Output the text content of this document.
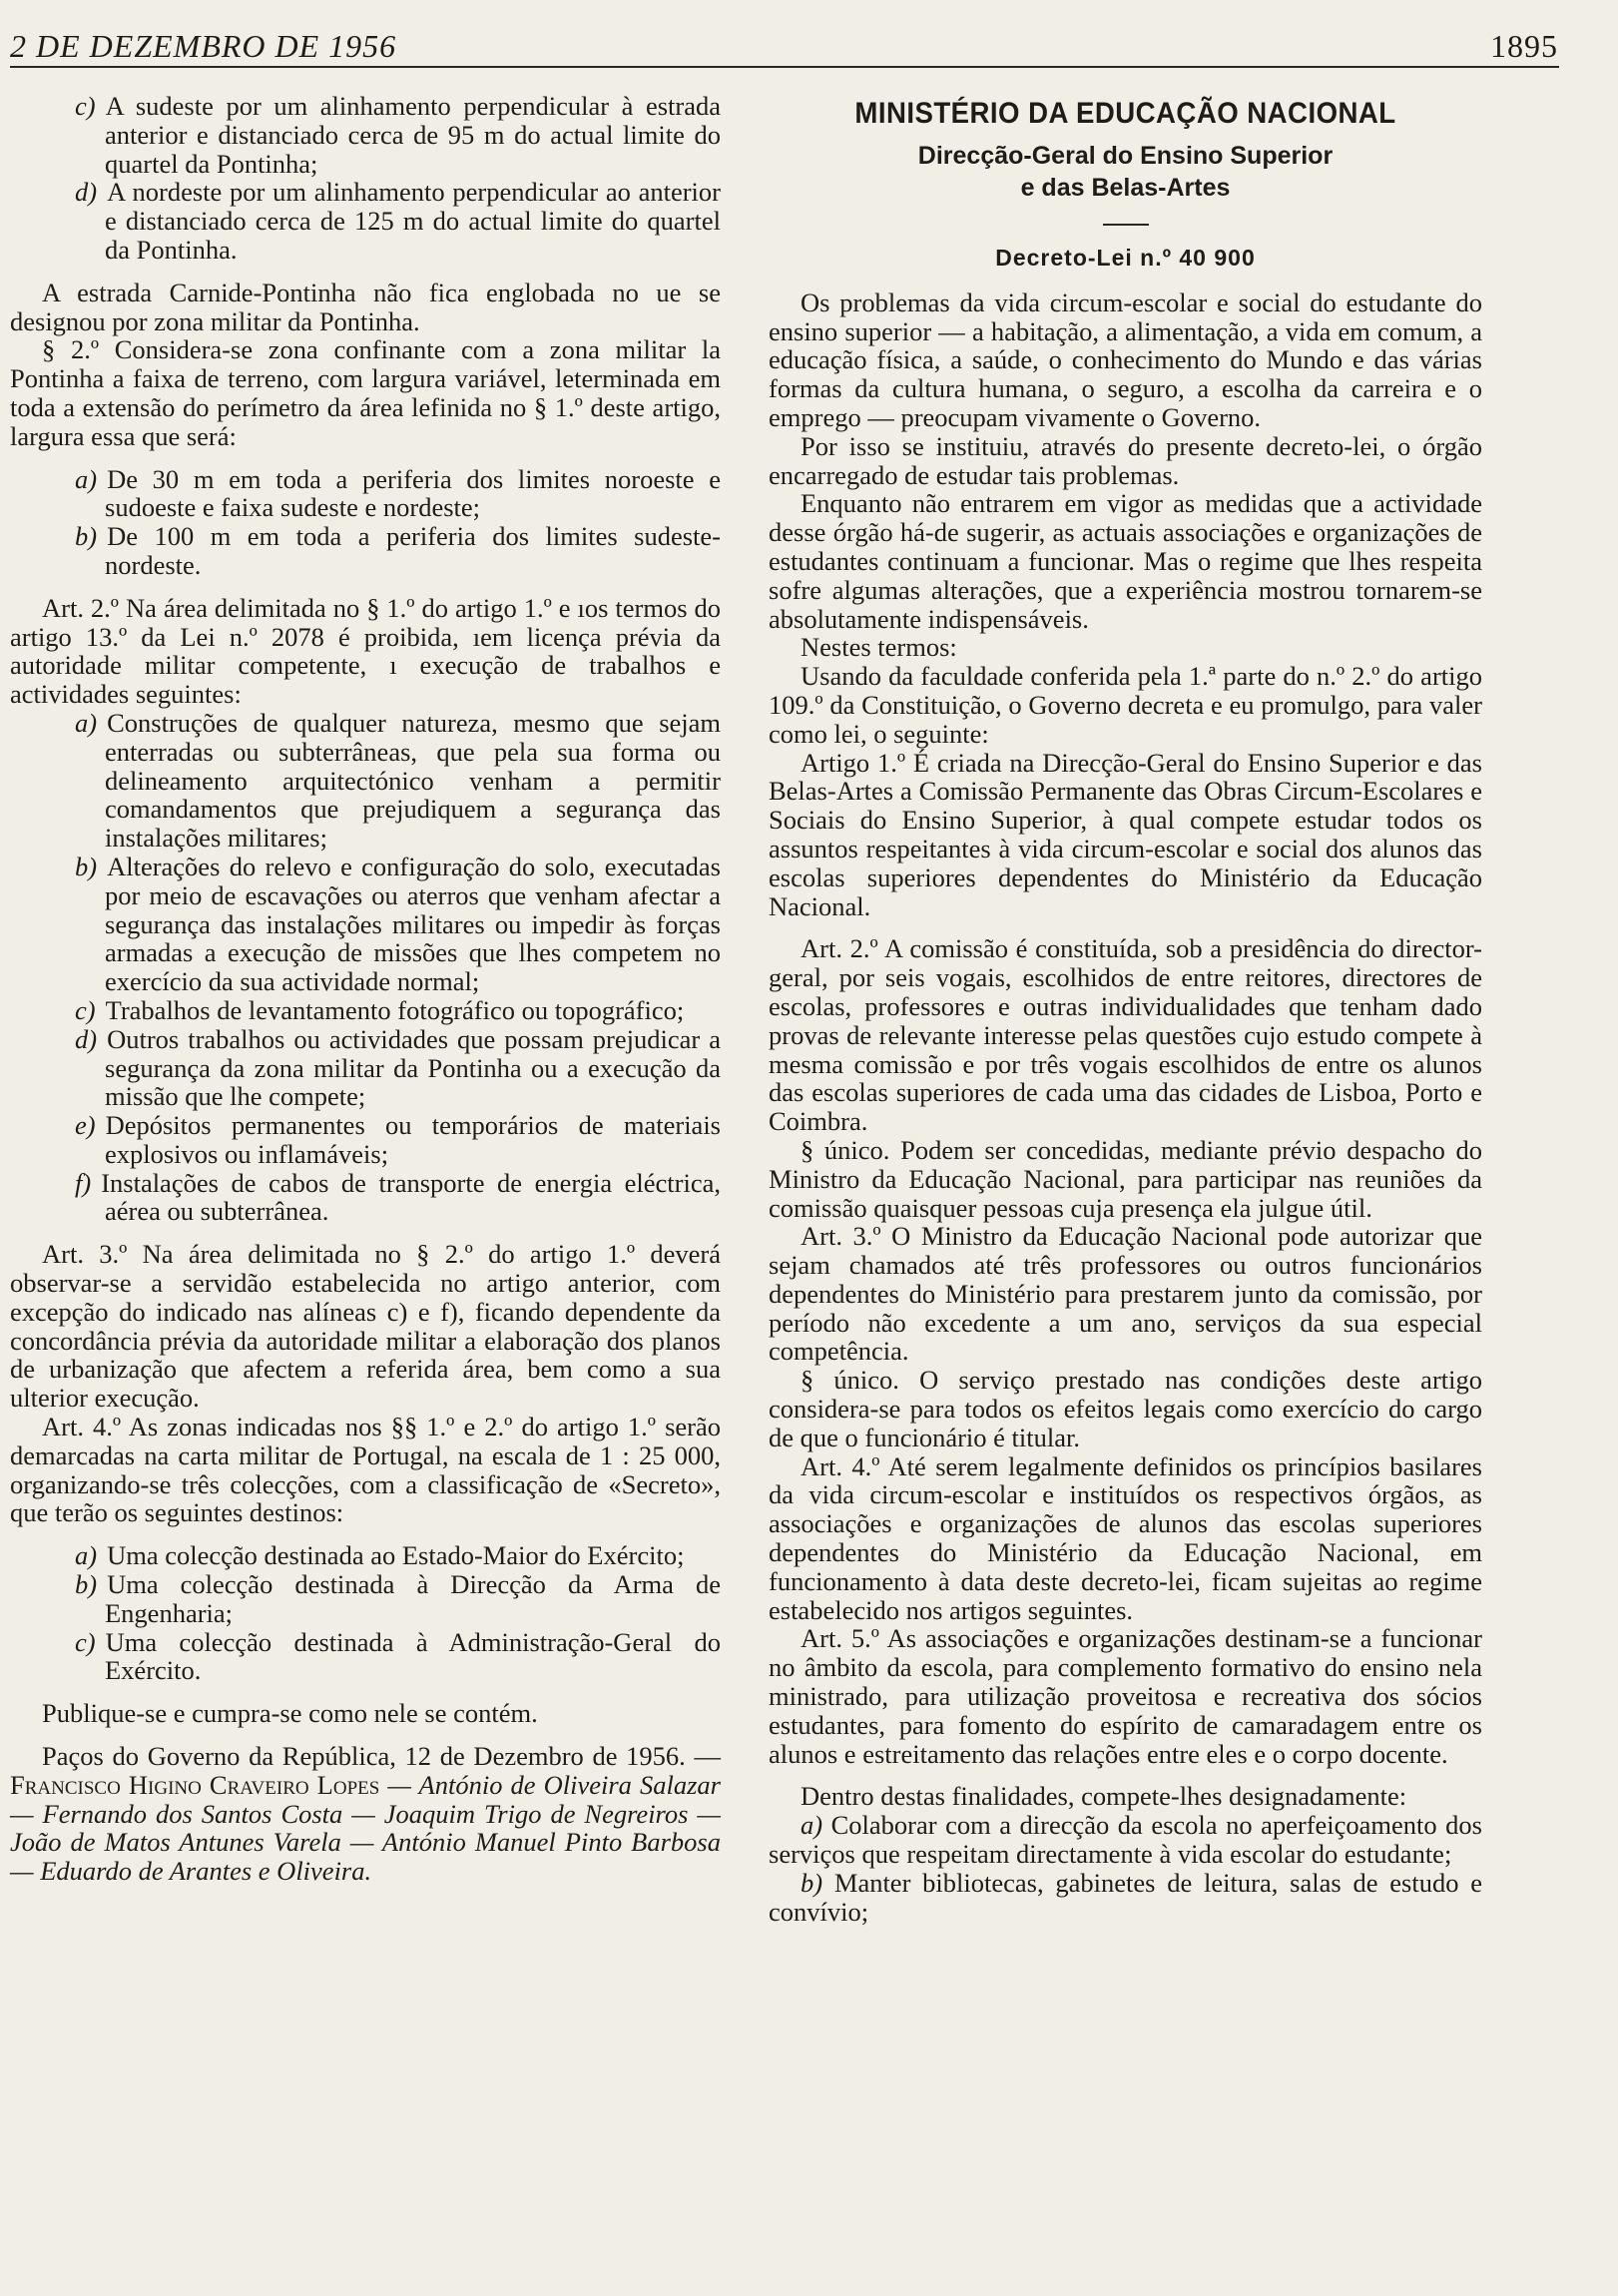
2 DE DEZEMBRO DE 1956	1895

c) A sudeste por um alinhamento perpendicular à estrada anterior e distanciado cerca de 95 m do actual limite do quartel da Pontinha;

d) A nordeste por um alinhamento perpendicular ao anterior e distanciado cerca de 125 m do actual limite do quartel da Pontinha.

A estrada Carnide-Pontinha não fica englobada no ue se designou por zona militar da Pontinha.

§ 2.º Considera-se zona confinante com a zona militar la Pontinha a faixa de terreno, com largura variável, leterminada em toda a extensão do perímetro da área lefinida no § 1.º deste artigo, largura essa que será:

a) De 30 m em toda a periferia dos limites noroeste e sudoeste e faixa sudeste e nordeste;

b) De 100 m em toda a periferia dos limites sudeste-nordeste.

Art. 2.º Na área delimitada no § 1.º do artigo 1.º e ıos termos do artigo 13.º da Lei n.º 2078 é proibida, ıem licença prévia da autoridade militar competente, ı execução de trabalhos e actividades seguintes:

a) Construções de qualquer natureza, mesmo que sejam enterradas ou subterrâneas, que pela sua forma ou delineamento arquitectónico venham a permitir comandamentos que prejudiquem a segurança das instalações militares;

b) Alterações do relevo e configuração do solo, executadas por meio de escavações ou aterros que venham afectar a segurança das instalações militares ou impedir às forças armadas a execução de missões que lhes competem no exercício da sua actividade normal;

c) Trabalhos de levantamento fotográfico ou topográfico;

d) Outros trabalhos ou actividades que possam prejudicar a segurança da zona militar da Pontinha ou a execução da missão que lhe compete;

e) Depósitos permanentes ou temporários de materiais explosivos ou inflamáveis;

f) Instalações de cabos de transporte de energia eléctrica, aérea ou subterrânea.

Art. 3.º Na área delimitada no § 2.º do artigo 1.º deverá observar-se a servidão estabelecida no artigo anterior, com excepção do indicado nas alíneas c) e f), ficando dependente da concordância prévia da autoridade militar a elaboração dos planos de urbanização que afectem a referida área, bem como a sua ulterior execução.

Art. 4.º As zonas indicadas nos §§ 1.º e 2.º do artigo 1.º serão demarcadas na carta militar de Portugal, na escala de 1 : 25 000, organizando-se três colecções, com a classificação de «Secreto», que terão os seguintes destinos:

a) Uma colecção destinada ao Estado-Maior do Exército;

b) Uma colecção destinada à Direcção da Arma de Engenharia;

c) Uma colecção destinada à Administração-Geral do Exército.

Publique-se e cumpra-se como nele se contém.

Paços do Governo da República, 12 de Dezembro de 1956. — Francisco Higino Craveiro Lopes — António de Oliveira Salazar — Fernando dos Santos Costa — Joaquim Trigo de Negreiros — João de Matos Antunes Varela — António Manuel Pinto Barbosa — Eduardo de Arantes e Oliveira.

MINISTÉRIO DA EDUCAÇÃO NACIONAL
Direcção-Geral do Ensino Superior
e das Belas-Artes
Decreto-Lei n.º 40 900

Os problemas da vida circum-escolar e social do estudante do ensino superior — a habitação, a alimentação, a vida em comum, a educação física, a saúde, o conhecimento do Mundo e das várias formas da cultura humana, o seguro, a escolha da carreira e o emprego — preocupam vivamente o Governo.

Por isso se instituiu, através do presente decreto-lei, o órgão encarregado de estudar tais problemas.

Enquanto não entrarem em vigor as medidas que a actividade desse órgão há-de sugerir, as actuais associações e organizações de estudantes continuam a funcionar. Mas o regime que lhes respeita sofre algumas alterações, que a experiência mostrou tornarem-se absolutamente indispensáveis.

Nestes termos:

Usando da faculdade conferida pela 1.ª parte do n.º 2.º do artigo 109.º da Constituição, o Governo decreta e eu promulgo, para valer como lei, o seguinte:

Artigo 1.º É criada na Direcção-Geral do Ensino Superior e das Belas-Artes a Comissão Permanente das Obras Circum-Escolares e Sociais do Ensino Superior, à qual compete estudar todos os assuntos respeitantes à vida circum-escolar e social dos alunos das escolas superiores dependentes do Ministério da Educação Nacional.

Art. 2.º A comissão é constituída, sob a presidência do director-geral, por seis vogais, escolhidos de entre reitores, directores de escolas, professores e outras individualidades que tenham dado provas de relevante interesse pelas questões cujo estudo compete à mesma comissão e por três vogais escolhidos de entre os alunos das escolas superiores de cada uma das cidades de Lisboa, Porto e Coimbra.

§ único. Podem ser concedidas, mediante prévio despacho do Ministro da Educação Nacional, para participar nas reuniões da comissão quaisquer pessoas cuja presença ela julgue útil.

Art. 3.º O Ministro da Educação Nacional pode autorizar que sejam chamados até três professores ou outros funcionários dependentes do Ministério para prestarem junto da comissão, por período não excedente a um ano, serviços da sua especial competência.

§ único. O serviço prestado nas condições deste artigo considera-se para todos os efeitos legais como exercício do cargo de que o funcionário é titular.

Art. 4.º Até serem legalmente definidos os princípios basilares da vida circum-escolar e instituídos os respectivos órgãos, as associações e organizações de alunos das escolas superiores dependentes do Ministério da Educação Nacional, em funcionamento à data deste decreto-lei, ficam sujeitas ao regime estabelecido nos artigos seguintes.

Art. 5.º As associações e organizações destinam-se a funcionar no âmbito da escola, para complemento formativo do ensino nela ministrado, para utilização proveitosa e recreativa dos sócios estudantes, para fomento do espírito de camaradagem entre os alunos e estreitamento das relações entre eles e o corpo docente.

Dentro destas finalidades, compete-lhes designadamente:

a) Colaborar com a direcção da escola no aperfeiçoamento dos serviços que respeitam directamente à vida escolar do estudante;

b) Manter bibliotecas, gabinetes de leitura, salas de estudo e convívio;
